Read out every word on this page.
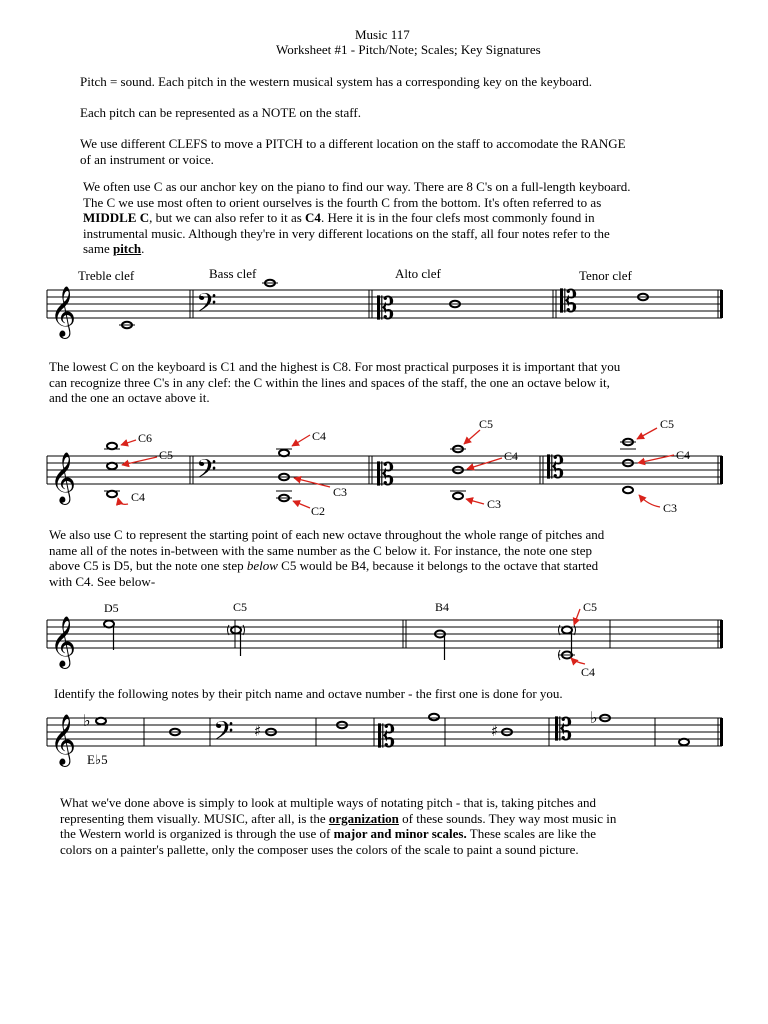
Music 117
Worksheet #1 - Pitch/Note; Scales; Key Signatures
Pitch = sound. Each pitch in the western musical system has a corresponding key on the keyboard.
Each pitch can be represented as a NOTE on the staff.
We use different CLEFS to move a PITCH to a different location on the staff to accomodate the RANGE
of an instrument or voice.
We often use C as our anchor key on the piano to find our way. There are 8 C's on a full-length keyboard.
The C we use most often to orient ourselves is the fourth C from the bottom. It's often referred to as
MIDDLE C, but we can also refer to it as C4. Here it is in the four clefs most commonly found in
instrumental music. Although they're in very different locations on the staff, all four notes refer to the
same pitch.
Treble clef	Bass clef	Alto clef	Tenor clef
𝄞	𝄢	𝄡	𝄡
The lowest C on the keyboard is C1 and the highest is C8. For most practical purposes it is important that you
can recognize three C's in any clef: the C within the lines and spaces of the staff, the one an octave below it,
and the one an octave above it.
𝄞	𝄢	𝄡	𝄡
C6
C5
C4
C4
C3
C2
C5
C4
C3
C5
C4
C3
We also use C to represent the starting point of each new octave throughout the whole range of pitches and
name all of the notes in-between with the same number as the C below it. For instance, the note one step
above C5 is D5, but the note one step below C5 would be B4, because it belongs to the octave that started
with C4. See below-
𝄞
D5	C5	B4	C5
C4
Identify the following notes by their pitch name and octave number - the first one is done for you.
𝄞	𝄢	𝄡	𝄡
♭
♯	♯
♭
E♭5
What we've done above is simply to look at multiple ways of notating pitch - that is, taking pitches and
representing them visually. MUSIC, after all, is the organization of these sounds. They way most music in
the Western world is organized is through the use of major and minor scales. These scales are like the
colors on a painter's pallette, only the composer uses the colors of the scale to paint a sound picture.
